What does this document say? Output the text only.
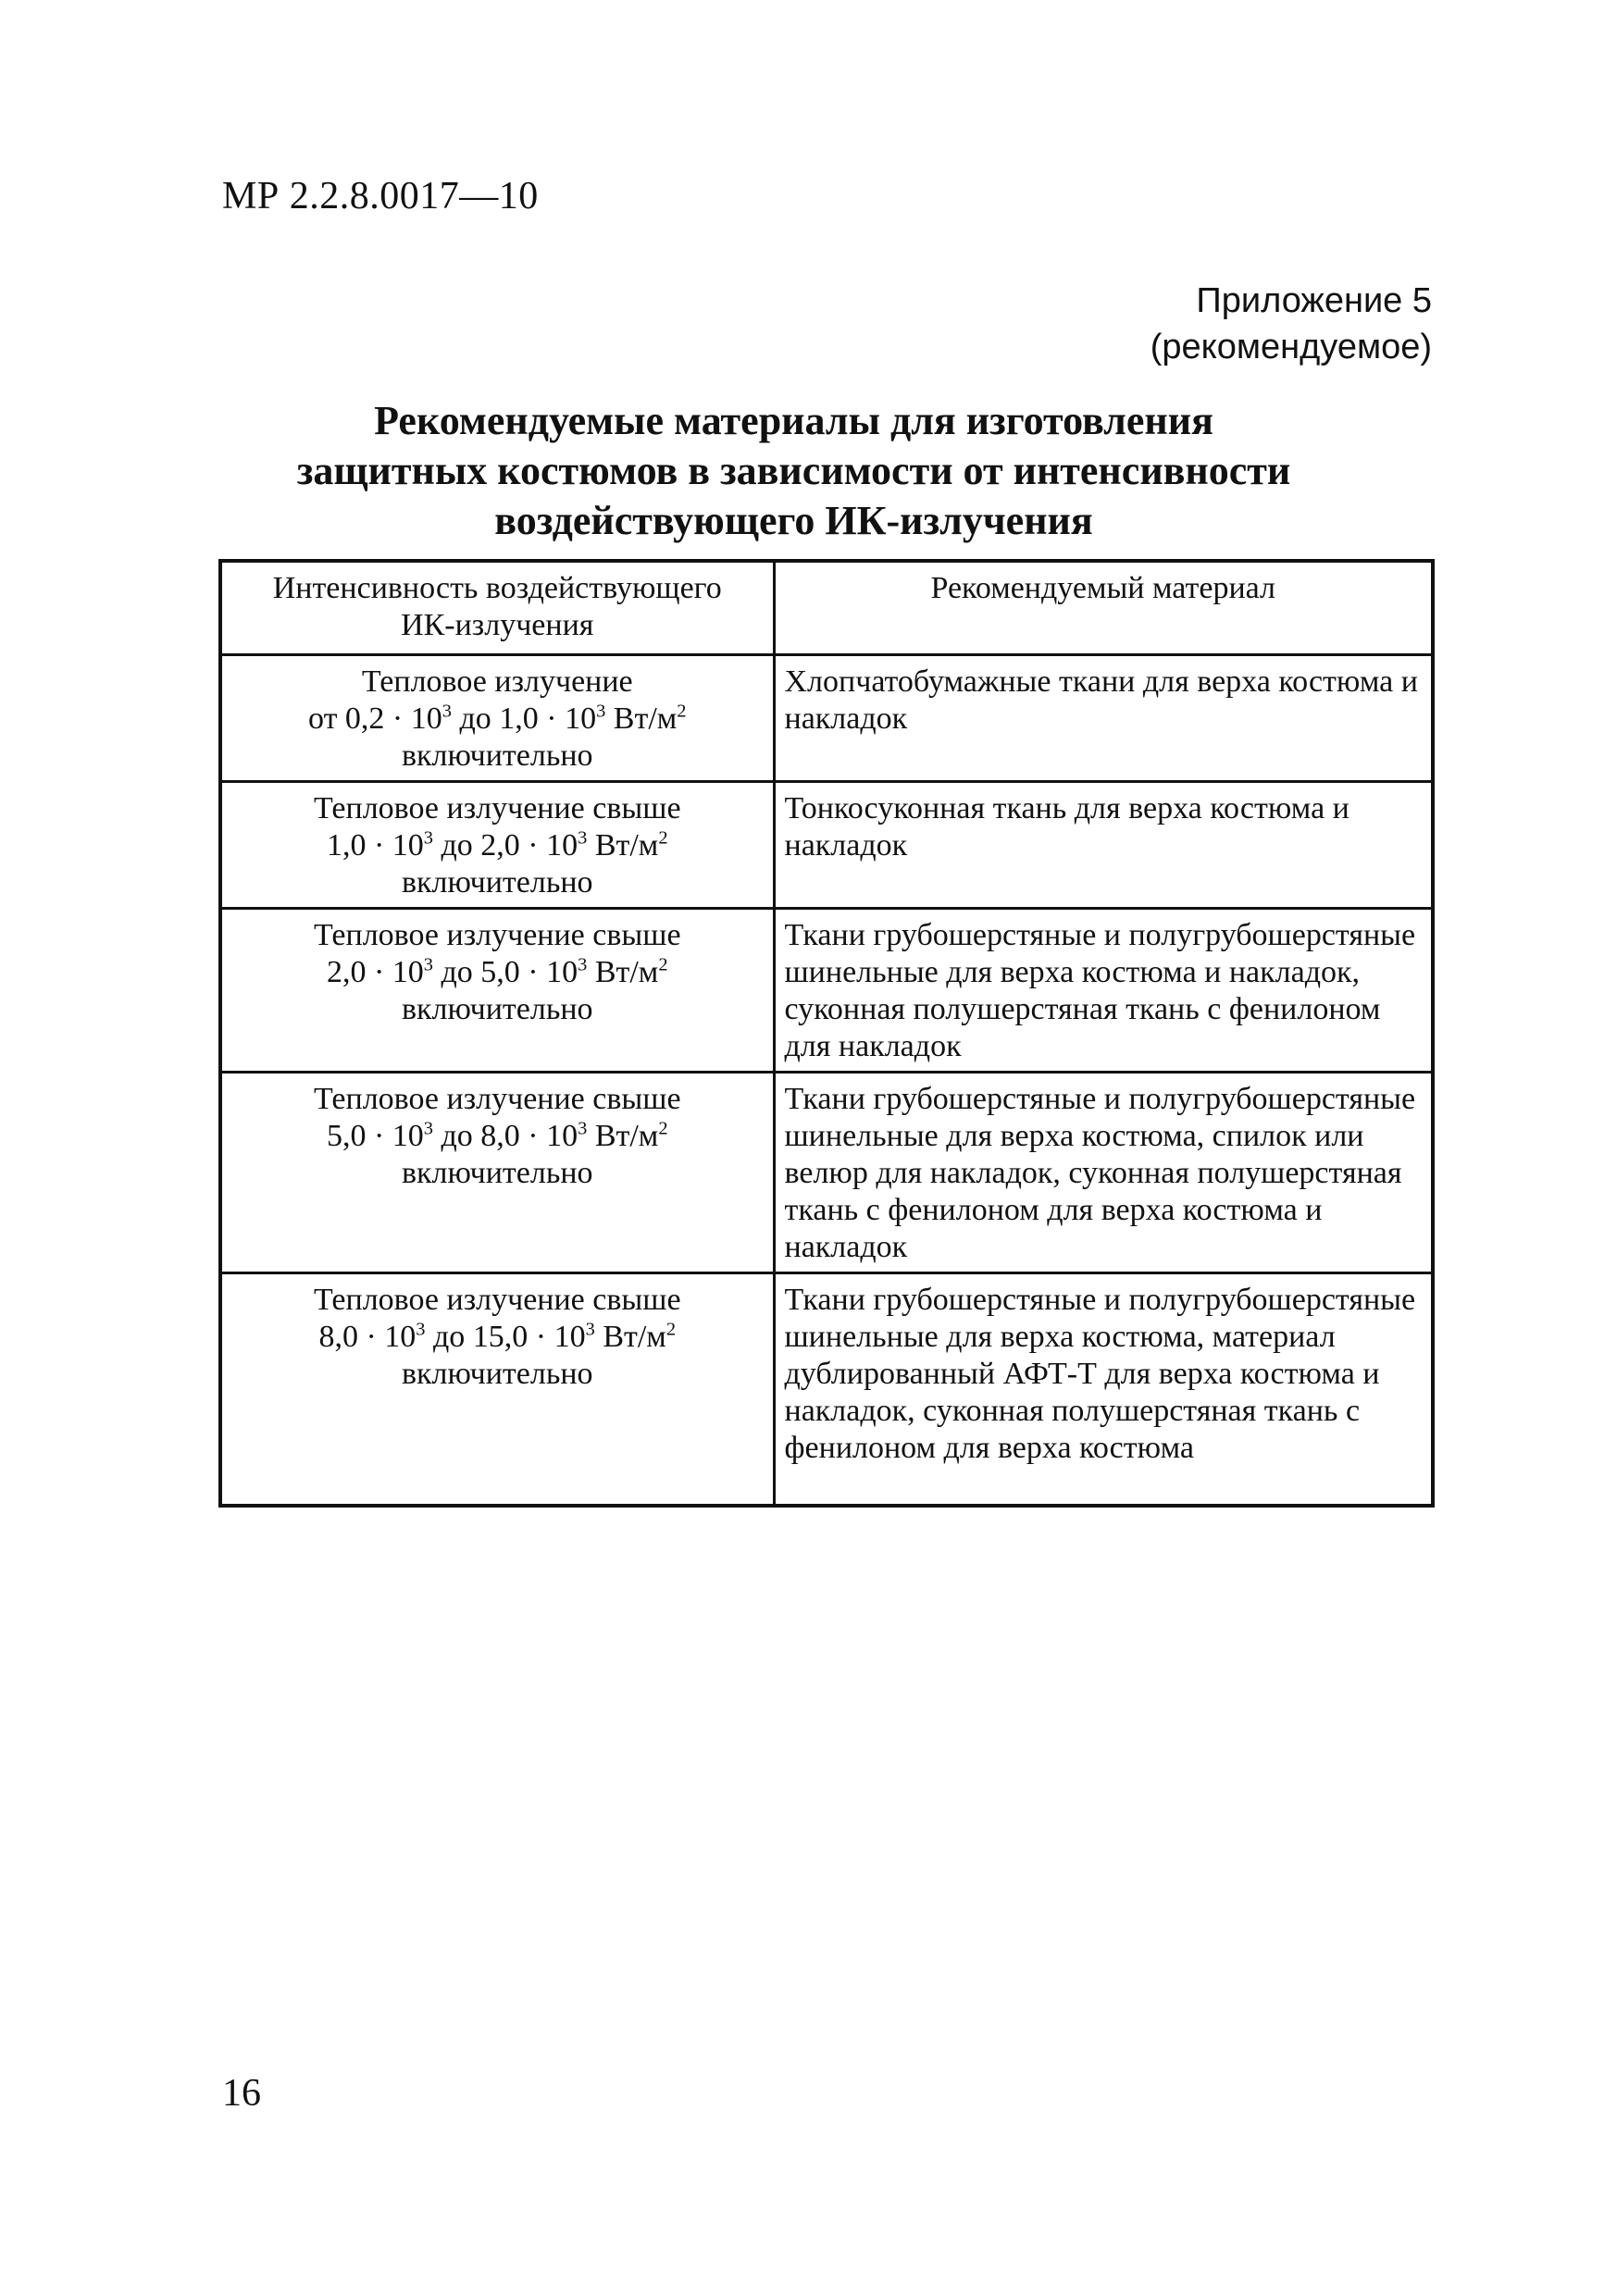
МР 2.2.8.0017—10
Приложение 5
(рекомендуемое)
Рекомендуемые материалы для изготовления
защитных костюмов в зависимости от интенсивности
воздействующего ИК-излучения
Интенсивность воздействующего
ИК-излучения	Рекомендуемый материал

Тепловое излучение
от $0,2 \cdot 10^3$ до $1,0 \cdot 10^3$ $Вт/м^2$
включительно	Хлопчатобумажные ткани для верха костюма и накладок

Тепловое излучение свыше
$1,0 \cdot 10^3$ до $2,0 \cdot 10^3$ $Вт/м^2$
включительно	Тонкосуконная ткань для верха костюма и накладок

Тепловое излучение свыше
$2,0 \cdot 10^3$ до $5,0 \cdot 10^3$ $Вт/м^2$
включительно	Ткани грубошерстяные и полугрубошерстяные шинельные для верха костюма и накладок, суконная полушерстяная ткань с фенилоном для накладок

Тепловое излучение свыше
$5,0 \cdot 10^3$ до $8,0 \cdot 10^3$ $Вт/м^2$
включительно	Ткани грубошерстяные и полугрубошерстяные шинельные для верха костюма, спилок или велюр для накладок, суконная полушерстяная ткань с фенилоном для верха костюма и накладок

Тепловое излучение свыше
$8,0 \cdot 10^3$ до $15,0 \cdot 10^3$ $Вт/м^2$
включительно	Ткани грубошерстяные и полугрубошерстяные шинельные для верха костюма, материал дублированный АФТ-Т для верха костюма и накладок, суконная полушерстяная ткань с фенилоном для верха костюма
16
